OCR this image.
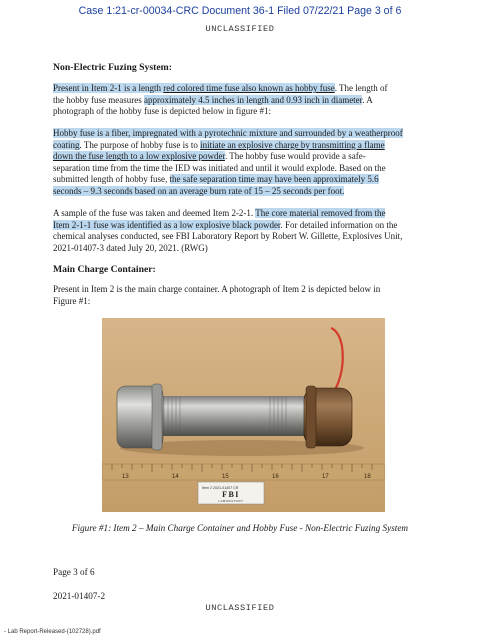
Case 1:21-cr-00034-CRC Document 36-1 Filed 07/22/21 Page 3 of 6
UNCLASSIFIED
Non-Electric Fuzing System:
Present in Item 2-1 is a length red colored time fuse also known as hobby fuse. The length of
the hobby fuse measures approximately 4.5 inches in length and 0.93 inch in diameter. A
photograph of the hobby fuse is depicted below in figure #1:
Hobby fuse is a fiber, impregnated with a pyrotechnic mixture and surrounded by a weatherproof
coating. The purpose of hobby fuse is to initiate an explosive charge by transmitting a flame
down the fuse length to a low explosive powder. The hobby fuse would provide a safe-
separation time from the time the IED was initiated and until it would explode. Based on the
submitted length of hobby fuse, the safe separation time may have been approximately 5.6
seconds – 9.3 seconds based on an average burn rate of 15 – 25 seconds per foot.
A sample of the fuse was taken and deemed Item 2-2-1. The core material removed from the
Item 2-1-1 fuse was identified as a low explosive black powder. For detailed information on the
chemical analyses conducted, see FBI Laboratory Report by Robert W. Gillette, Explosives Unit,
2021-01407-3 dated July 20, 2021. (RWG)
Main Charge Container:
Present in Item 2 is the main charge container. A photograph of Item 2 is depicted below in
Figure #1:
13	14	15	16	17	18
Item 2 2021-01407 CR
FBI
LABORATORY
Figure #1: Item 2 – Main Charge Container and Hobby Fuse - Non-Electric Fuzing System
Page 3 of 6
2021-01407-2
UNCLASSIFIED
- Lab Report-Released-(102728).pdf
